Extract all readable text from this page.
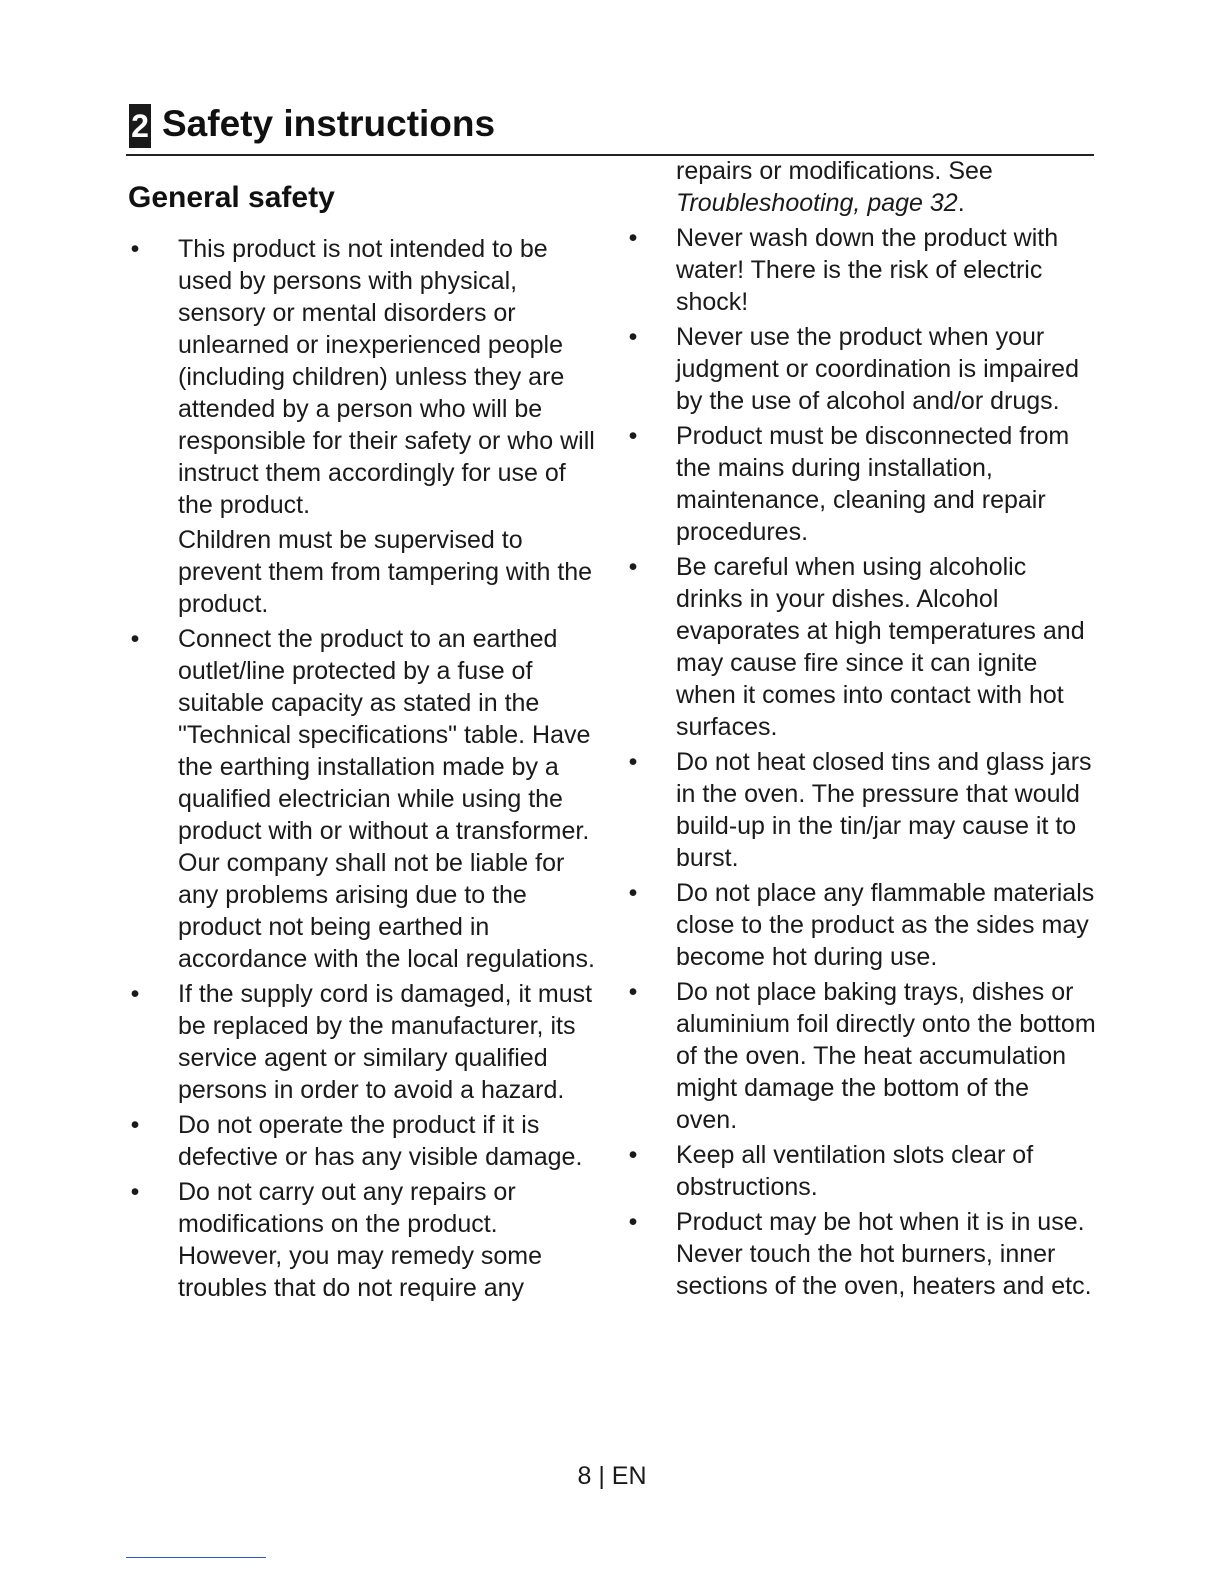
2 Safety instructions
General safety
• This product is not intended to be used by persons with physical, sensory or mental disorders or unlearned or inexperienced people (including children) unless they are attended by a person who will be responsible for their safety or who will instruct them accordingly for use of the product.

Children must be supervised to prevent them from tampering with the product.

• Connect the product to an earthed outlet/line protected by a fuse of suitable capacity as stated in the "Technical specifications" table. Have the earthing installation made by a qualified electrician while using the product with or without a transformer. Our company shall not be liable for any problems arising due to the product not being earthed in accordance with the local regulations.

• If the supply cord is damaged, it must be replaced by the manufacturer, its service agent or similary qualified persons in order to avoid a hazard.

• Do not operate the product if it is defective or has any visible damage.

• Do not carry out any repairs or modifications on the product. However, you may remedy some troubles that do not require any

repairs or modifications. See Troubleshooting, page 32.

• Never wash down the product with water! There is the risk of electric shock!

• Never use the product when your judgment or coordination is impaired by the use of alcohol and/or drugs.

• Product must be disconnected from the mains during installation, maintenance, cleaning and repair procedures.

• Be careful when using alcoholic drinks in your dishes. Alcohol evaporates at high temperatures and may cause fire since it can ignite when it comes into contact with hot surfaces.

• Do not heat closed tins and glass jars in the oven. The pressure that would build-up in the tin/jar may cause it to burst.

• Do not place any flammable materials close to the product as the sides may become hot during use.

• Do not place baking trays, dishes or aluminium foil directly onto the bottom of the oven. The heat accumulation might damage the bottom of the oven.

• Keep all ventilation slots clear of obstructions.

• Product may be hot when it is in use. Never touch the hot burners, inner sections of the oven, heaters and etc.

8 | EN
